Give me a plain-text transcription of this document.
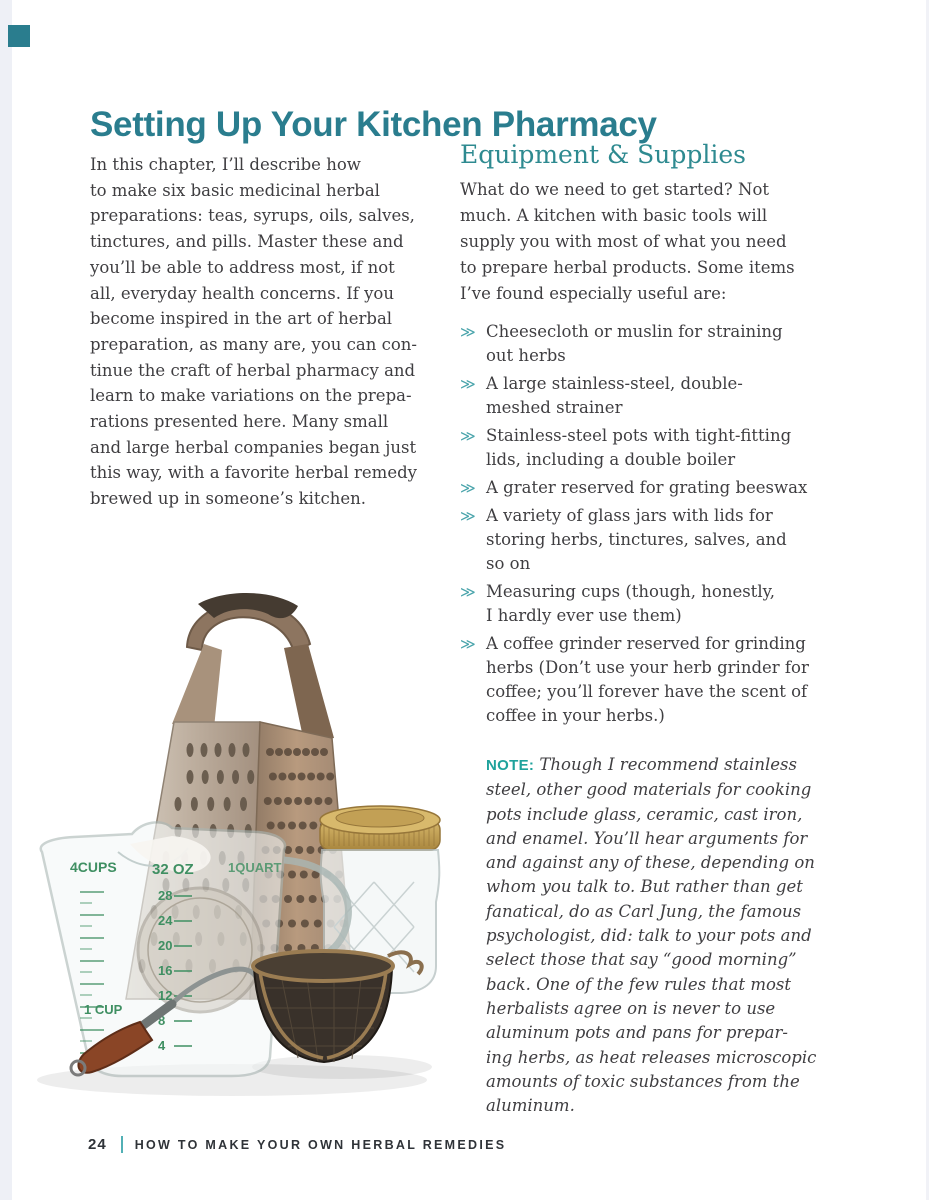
Setting Up Your Kitchen Pharmacy
In this chapter, I’ll describe how
to make six basic medicinal herbal
preparations: teas, syrups, oils, salves,
tinctures, and pills. Master these and
you’ll be able to address most, if not
all, everyday health concerns. If you
become inspired in the art of herbal
preparation, as many are, you can con-
tinue the craft of herbal pharmacy and
learn to make variations on the prepa-
rations presented here. Many small
and large herbal companies began just
this way, with a favorite herbal remedy
brewed up in someone’s kitchen.
28
24
20
16
12
8
4
4CUPS 32 OZ	1QUART
1 CUP
Equipment & Supplies
What do we need to get started? Not
much. A kitchen with basic tools will
supply you with most of what you need
to prepare herbal products. Some items
I’ve found especially useful are:
≫ Cheesecloth or muslin for straining
out herbs
≫ A large stainless-steel, double-
meshed strainer
≫ Stainless-steel pots with tight-fitting
lids, including a double boiler
≫ A grater reserved for grating beeswax
≫ A variety of glass jars with lids for
storing herbs, tinctures, salves, and
so on
≫ Measuring cups (though, honestly,
I hardly ever use them)
≫ A coffee grinder reserved for grinding
herbs (Don’t use your herb grinder for
coffee; you’ll forever have the scent of
coffee in your herbs.)
NOTE: Though I recommend stainless
steel, other good materials for cooking
pots include glass, ceramic, cast iron,
and enamel. You’ll hear arguments for
and against any of these, depending on
whom you talk to. But rather than get
fanatical, do as Carl Jung, the famous
psychologist, did: talk to your pots and
select those that say “good morning”
back. One of the few rules that most
herbalists agree on is never to use
aluminum pots and pans for prepar-
ing herbs, as heat releases microscopic
amounts of toxic substances from the
aluminum.
24 HOW TO MAKE YOUR OWN HERBAL REMEDIES
